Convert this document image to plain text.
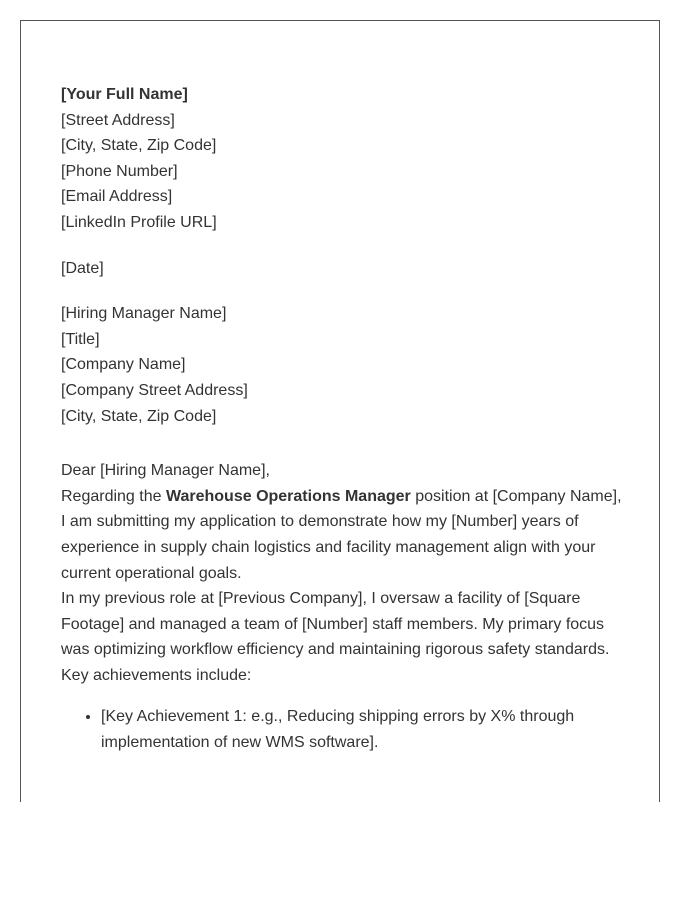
[Your Full Name]
[Street Address]
[City, State, Zip Code]
[Phone Number]
[Email Address]
[LinkedIn Profile URL]
[Date]
[Hiring Manager Name]
[Title]
[Company Name]
[Company Street Address]
[City, State, Zip Code]
Dear [Hiring Manager Name],

Regarding the Warehouse Operations Manager position at [Company Name], I am submitting my application to demonstrate how my [Number] years of experience in supply chain logistics and facility management align with your current operational goals.

In my previous role at [Previous Company], I oversaw a facility of [Square Footage] and managed a team of [Number] staff members. My primary focus was optimizing workflow efficiency and maintaining rigorous safety standards. Key achievements include:

• [Key Achievement 1: e.g., Reducing shipping errors by X% through implementation of new WMS software].
